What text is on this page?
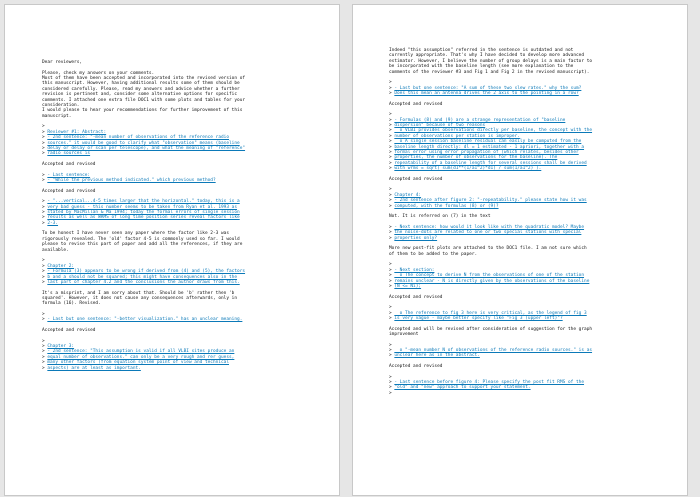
Dear reviewers,
Please, check my answers on your comments.
Most of them have been accepted and incorporated into the revised version of
this manuscript. However, having additional results some of them should be
considered carefully. Please, read my answers and advice whether a further
revision is pertinent and, consider some alternative options for specific
comments. I attached one extra file DOC1 with some plots and tables for your
consideration.
I would please to hear your recommendations for further improvement of this
manuscript.
>
> Reviewer #1: Abstract:
> - 2nd sentence: "-mean number of observations of the reference radio
> sources." it would be good to clarify what "observation" means (baseline
> delay or delay or scan per telescope), and what the meaning of "reference"
> radio sources is
Accepted and revised
> - Last sentence:
> - "While the previous method indicated." which previous method?
Accepted and revised
> - "...vertical...4-5 times larger that the horizontal." today, this is a
> very bad guess - this number seems to be taken from Ryan et al. 1993 as
> stated by MacMillan & Ma 1994; today the formal errors of single session
> results as well as WRMS of long time position series reveal factors like
> 2-3.
To be honest I have never seen any paper where the factor like 2-3 was
rigorously revealed. The 'old' factor 4-5 is commonly used so far. I would
please to revise this part of paper and add all the references, if they are
available.
>
> Chapter 2:
> - Formula (3) appears to be wrong if derived from (4) and (5), the factors
> b and a should not be squared; this might have consequences also in the
> last part of chapter 4.2 and the conclusions the author draws from this.
It's a misprint, and I am sorry about that. Should be 'b' rather then 'b
squared'. However, it does not cause any consequences afterwards, only in
formula (16). Revised.
>
> - Last but one sentence: "-better visualization." has an unclear meaning.
Accepted and revised
>
> Chapter 3:
> - 2nd sentence: "This assumption is valid if all VLBI sites produce an
> equal number of observations." can only be a very rough and rer guess,
> many other factors (from equation system point of view and technical
> aspects) are at least as important.
Indeed "this assumption" referred in the sentence is outdated and not
currently appropriate. That's why I have decided to develop more advanced
estimator. However, I believe the number of group delays is a main factor to
be incorporated with the baseline length (see more explanation to the
comments of the reviewer #3 and Fig 1 and Fig 2 in the revised manuscript).
>
> - Last but one sentence: "A sum of these two slew rates." why the sum?
> Does this mean an antenna drives the 2 axis to the pointing in a row?
Accepted and revised
>
> - Formulas (8) and (9) are a strange representation of "baseline
> dispersion" because of two reasons
>   o VLBI provides observations directly per baseline, the concept with the
> number of observations per station is improper.
>   o A single session baseline residual can easily be computed from the
> baseline length directly: dl = 1 estimated - 1 apriori, together with a
> formal error using error propagation of (which relates, besides other
> properties, the number of observations for the baseline). The
> repeatability of a baseline length for several sessions shall be derived
> with wrms = sqrt( sum(d1**(1/a1^2)*d1) / sum(1/a1^2) ).
Accepted and revised
>
> Chapter 4:
> - 2nd sentence after figure 2: "-repeatability." please state how it was
> computed, with the formulas (8) or (9)?
Not. It is referred on (7) in the text
> - Next sentence: how would it look like with the quadratic model? Maybe
> the noise-dots are related to one or two special stations with special
> properties only?
More new post-fit plots are attached to the DOC1 file. I am not sure which
of them to be added to the paper.
>
> - Next section:
>   o The concept to derive N from the observations of one of the station
> remains unclear - N is directly given by the observations of the baseline
> (N <= Ni);
Accepted and revised
>
>   o The reference to fig 3 here is very critical, as the legend of fig 3
> is very vague - maybe better specify like "Fig 3 (upper left)"?
Accepted and will be revised after consideration of suggestion for the graph
improvement
>
>   o "-mean number N of observations of the reference radio sources." is as
> unclear here as in the abstract.
Accepted and revised
>
> - Last sentence before figure 4: Please specify the post fit RMS of the
> "old" and "new" approach to support your statement.
>
